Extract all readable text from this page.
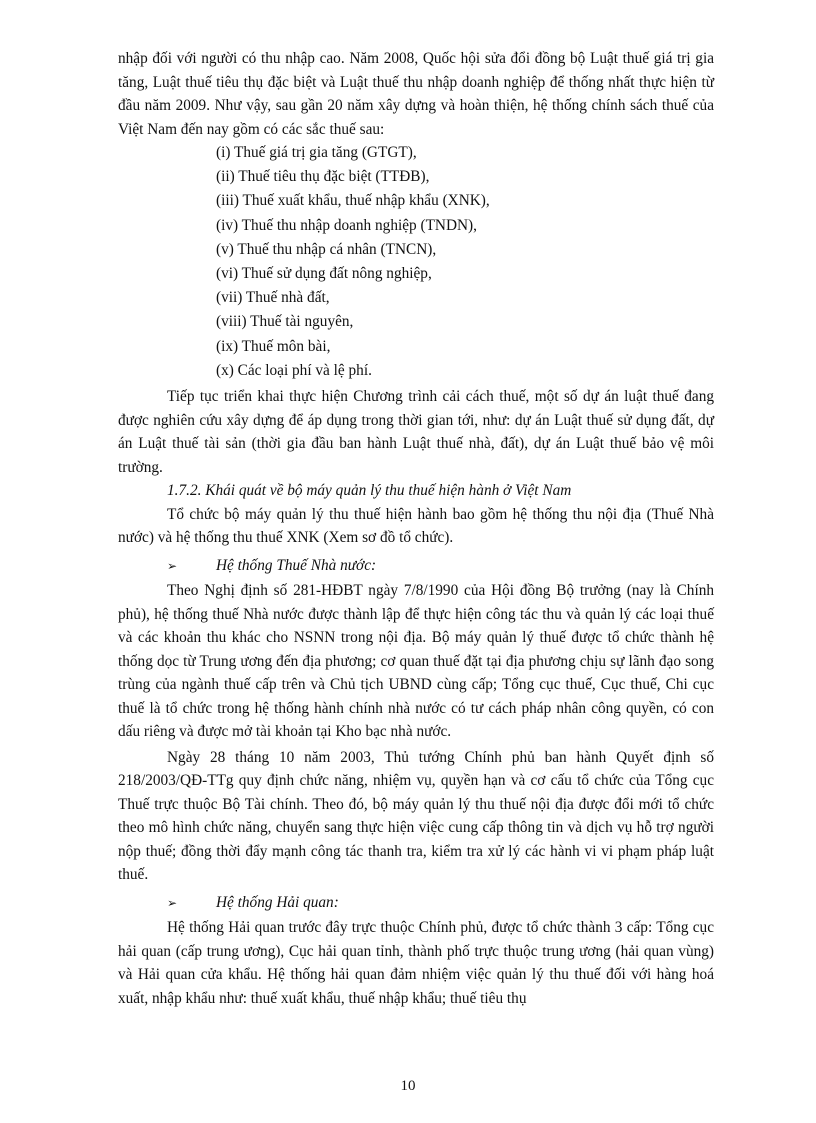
nhập đối với người có thu nhập cao. Năm 2008, Quốc hội sửa đổi đồng bộ Luật thuế giá trị gia tăng, Luật thuế tiêu thụ đặc biệt và Luật thuế thu nhập doanh nghiệp để thống nhất thực hiện từ đầu năm 2009. Như vậy, sau gần 20 năm xây dựng và hoàn thiện, hệ thống chính sách thuế của Việt Nam đến nay gồm có các sắc thuế sau:

(i) Thuế giá trị gia tăng (GTGT),
(ii) Thuế tiêu thụ đặc biệt (TTĐB),
(iii) Thuế xuất khẩu, thuế nhập khẩu (XNK),
(iv) Thuế thu nhập doanh nghiệp (TNDN),
(v) Thuế thu nhập cá nhân (TNCN),
(vi) Thuế sử dụng đất nông nghiệp,
(vii) Thuế nhà đất,
(viii) Thuế tài nguyên,
(ix) Thuế môn bài,
(x) Các loại phí và lệ phí.

Tiếp tục triển khai thực hiện Chương trình cải cách thuế, một số dự án luật thuế đang được nghiên cứu xây dựng để áp dụng trong thời gian tới, như: dự án Luật thuế sử dụng đất, dự án Luật thuế tài sản (thời gia đầu ban hành Luật thuế nhà, đất), dự án Luật thuế bảo vệ môi trường.

1.7.2. Khái quát về bộ máy quản lý thu thuế hiện hành ở Việt Nam

Tổ chức bộ máy quản lý thu thuế hiện hành bao gồm hệ thống thu nội địa (Thuế Nhà nước) và hệ thống thu thuế XNK (Xem sơ đồ tổ chức).

➢	Hệ thống Thuế Nhà nước:

Theo Nghị định số 281-HĐBT ngày 7/8/1990 của Hội đồng Bộ trưởng (nay là Chính phủ), hệ thống thuế Nhà nước được thành lập để thực hiện công tác thu và quản lý các loại thuế và các khoản thu khác cho NSNN trong nội địa. Bộ máy quản lý thuế được tổ chức thành hệ thống dọc từ Trung ương đến địa phương; cơ quan thuế đặt tại địa phương chịu sự lãnh đạo song trùng của ngành thuế cấp trên và Chủ tịch UBND cùng cấp; Tổng cục thuế, Cục thuế, Chi cục thuế là tổ chức trong hệ thống hành chính nhà nước có tư cách pháp nhân công quyền, có con dấu riêng và được mở tài khoản tại Kho bạc nhà nước.

Ngày 28 tháng 10 năm 2003, Thủ tướng Chính phủ ban hành Quyết định số 218/2003/QĐ-TTg quy định chức năng, nhiệm vụ, quyền hạn và cơ cấu tổ chức của Tổng cục Thuế trực thuộc Bộ Tài chính. Theo đó, bộ máy quản lý thu thuế nội địa được đổi mới tổ chức theo mô hình chức năng, chuyển sang thực hiện việc cung cấp thông tin và dịch vụ hỗ trợ người nộp thuế; đồng thời đẩy mạnh công tác thanh tra, kiểm tra xử lý các hành vi vi phạm pháp luật thuế.

➢	Hệ thống Hải quan:

Hệ thống Hải quan trước đây trực thuộc Chính phủ, được tổ chức thành 3 cấp: Tổng cục hải quan (cấp trung ương), Cục hải quan tỉnh, thành phố trực thuộc trung ương (hải quan vùng) và Hải quan cửa khẩu. Hệ thống hải quan đảm nhiệm việc quản lý thu thuế đối với hàng hoá xuất, nhập khẩu như: thuế xuất khẩu, thuế nhập khẩu; thuế tiêu thụ

10
